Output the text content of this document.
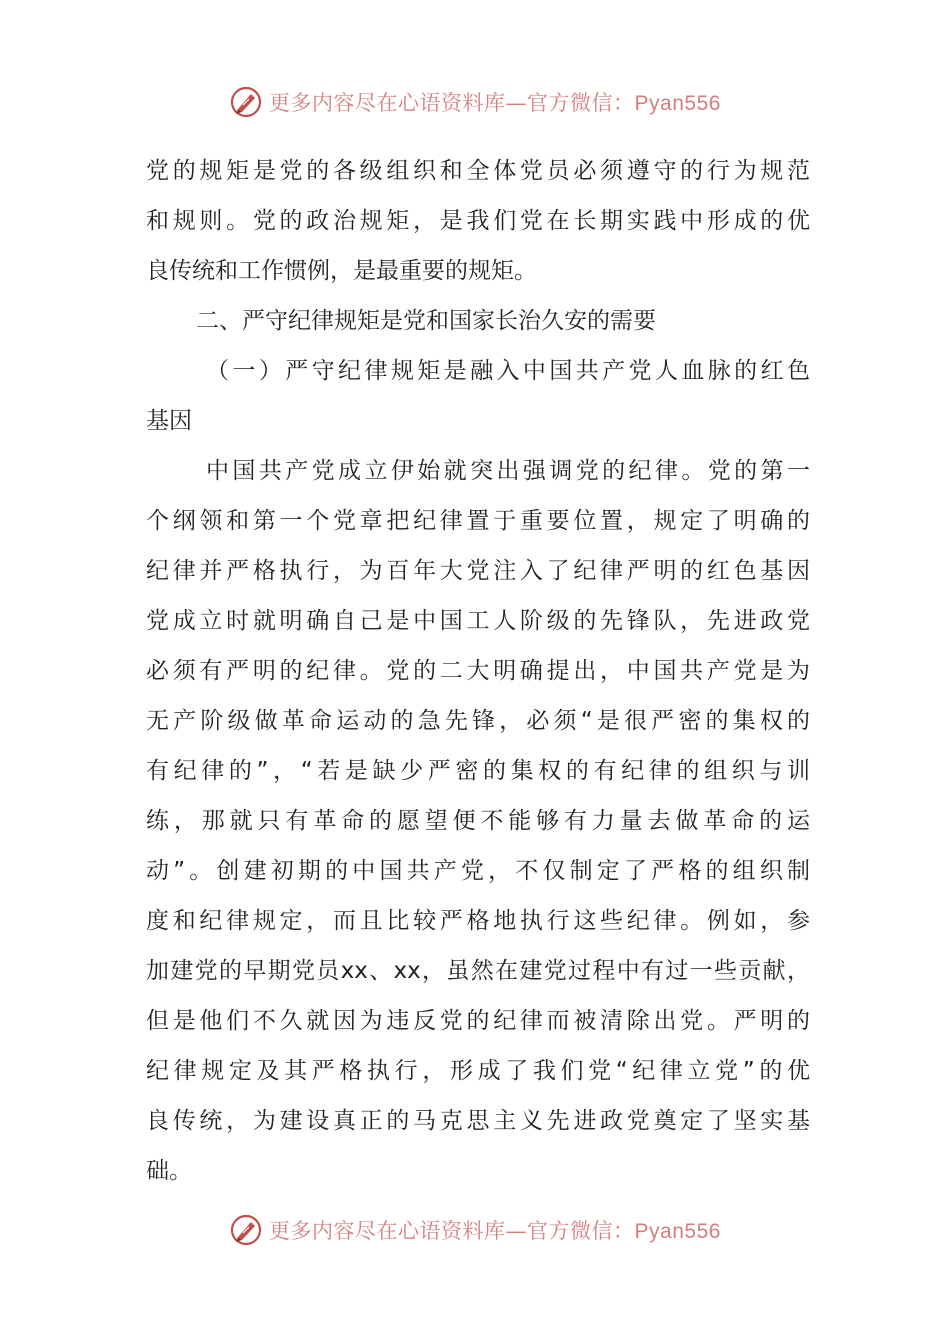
更多内容尽在心语资料库—官方微信：Pyan556
党的规矩是党的各级组织和全体党员必须遵守的行为规范
和规则。党的政治规矩，是我们党在长期实践中形成的优
良传统和工作惯例，是最重要的规矩。
二、严守纪律规矩是党和国家长治久安的需要
（一）严守纪律规矩是融入中国共产党人血脉的红色
基因
中国共产党成立伊始就突出强调党的纪律。党的第一
个纲领和第一个党章把纪律置于重要位置，规定了明确的
纪律并严格执行，为百年大党注入了纪律严明的红色基因
党成立时就明确自己是中国工人阶级的先锋队，先进政党
必须有严明的纪律。党的二大明确提出，中国共产党是为
无产阶级做革命运动的急先锋，必须“是很严密的集权的
有纪律的”，“若是缺少严密的集权的有纪律的组织与训
练，那就只有革命的愿望便不能够有力量去做革命的运
动”。创建初期的中国共产党，不仅制定了严格的组织制
度和纪律规定，而且比较严格地执行这些纪律。例如，参
加建党的早期党员xx、xx，虽然在建党过程中有过一些贡献，
但是他们不久就因为违反党的纪律而被清除出党。严明的
纪律规定及其严格执行，形成了我们党“纪律立党”的优
良传统，为建设真正的马克思主义先进政党奠定了坚实基
础。
更多内容尽在心语资料库—官方微信：Pyan556
